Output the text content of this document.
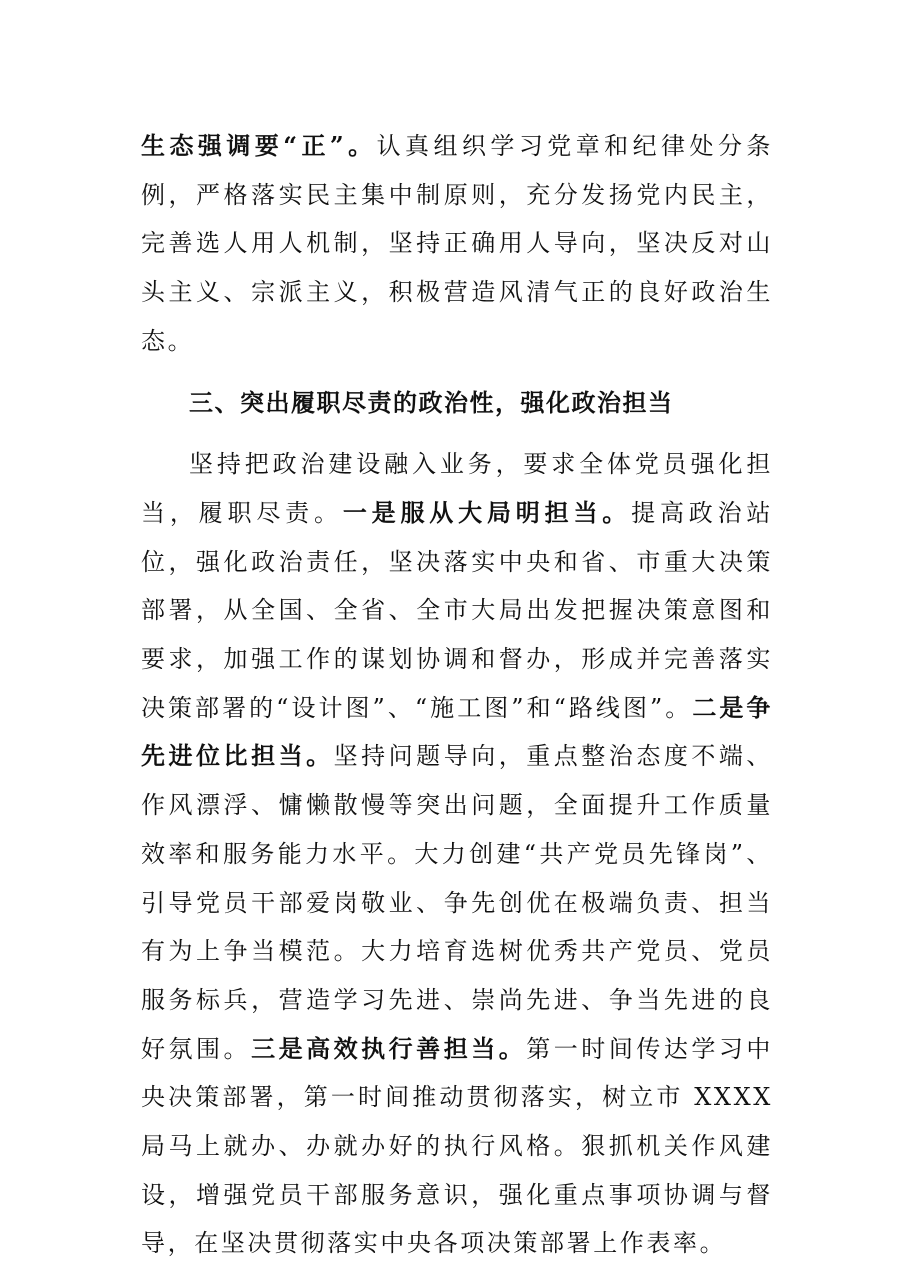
生态强调要“正”。认真组织学习党章和纪律处分条例，严格落实民主集中制原则，充分发扬党内民主，完善选人用人机制，坚持正确用人导向，坚决反对山头主义、宗派主义，积极营造风清气正的良好政治生态。

三、突出履职尽责的政治性，强化政治担当

坚持把政治建设融入业务，要求全体党员强化担当，履职尽责。一是服从大局明担当。提高政治站位，强化政治责任，坚决落实中央和省、市重大决策部署，从全国、全省、全市大局出发把握决策意图和要求，加强工作的谋划协调和督办，形成并完善落实决策部署的“设计图”、“施工图”和“路线图”。二是争先进位比担当。坚持问题导向，重点整治态度不端、作风漂浮、慵懒散慢等突出问题，全面提升工作质量效率和服务能力水平。大力创建“共产党员先锋岗”、引导党员干部爱岗敬业、争先创优在极端负责、担当有为上争当模范。大力培育选树优秀共产党员、党员服务标兵，营造学习先进、崇尚先进、争当先进的良好氛围。三是高效执行善担当。第一时间传达学习中央决策部署，第一时间推动贯彻落实，树立市 XXXX 局马上就办、办就办好的执行风格。狠抓机关作风建设，增强党员干部服务意识，强化重点事项协调与督导，在坚决贯彻落实中央各项决策部署上作表率。
